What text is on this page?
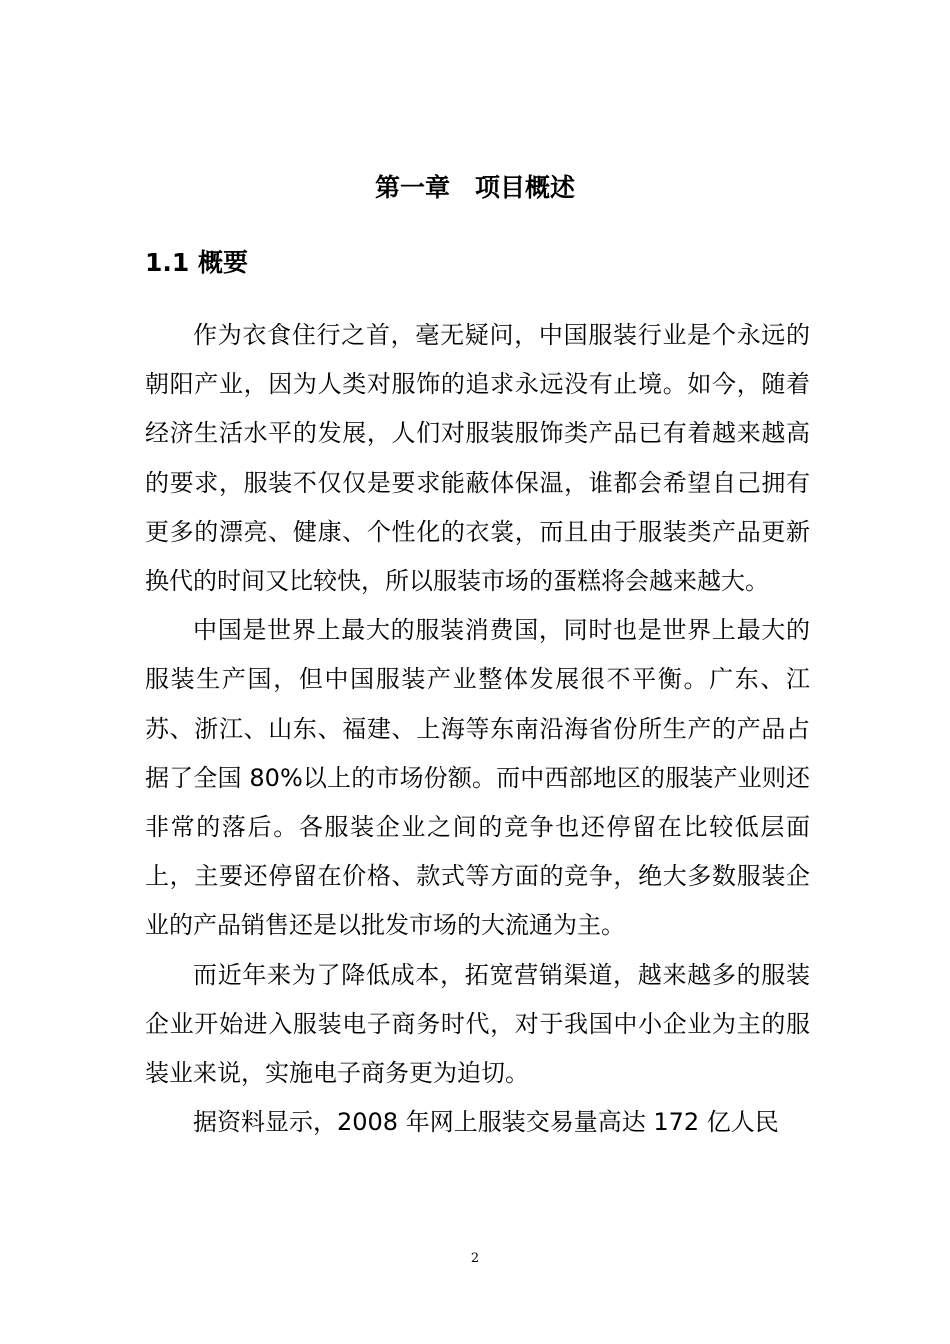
第一章　项目概述
1.1 概要

作为衣食住行之首，毫无疑问，中国服装行业是个永远的朝阳产业，因为人类对服饰的追求永远没有止境。如今，随着经济生活水平的发展，人们对服装服饰类产品已有着越来越高的要求，服装不仅仅是要求能蔽体保温，谁都会希望自己拥有更多的漂亮、健康、个性化的衣裳，而且由于服装类产品更新换代的时间又比较快，所以服装市场的蛋糕将会越来越大。

中国是世界上最大的服装消费国，同时也是世界上最大的服装生产国，但中国服装产业整体发展很不平衡。广东、江苏、浙江、山东、福建、上海等东南沿海省份所生产的产品占据了全国 80%以上的市场份额。而中西部地区的服装产业则还非常的落后。各服装企业之间的竞争也还停留在比较低层面上，主要还停留在价格、款式等方面的竞争，绝大多数服装企业的产品销售还是以批发市场的大流通为主。

而近年来为了降低成本，拓宽营销渠道，越来越多的服装企业开始进入服装电子商务时代，对于我国中小企业为主的服装业来说，实施电子商务更为迫切。

据资料显示，2008 年网上服装交易量高达 172 亿人民

2
